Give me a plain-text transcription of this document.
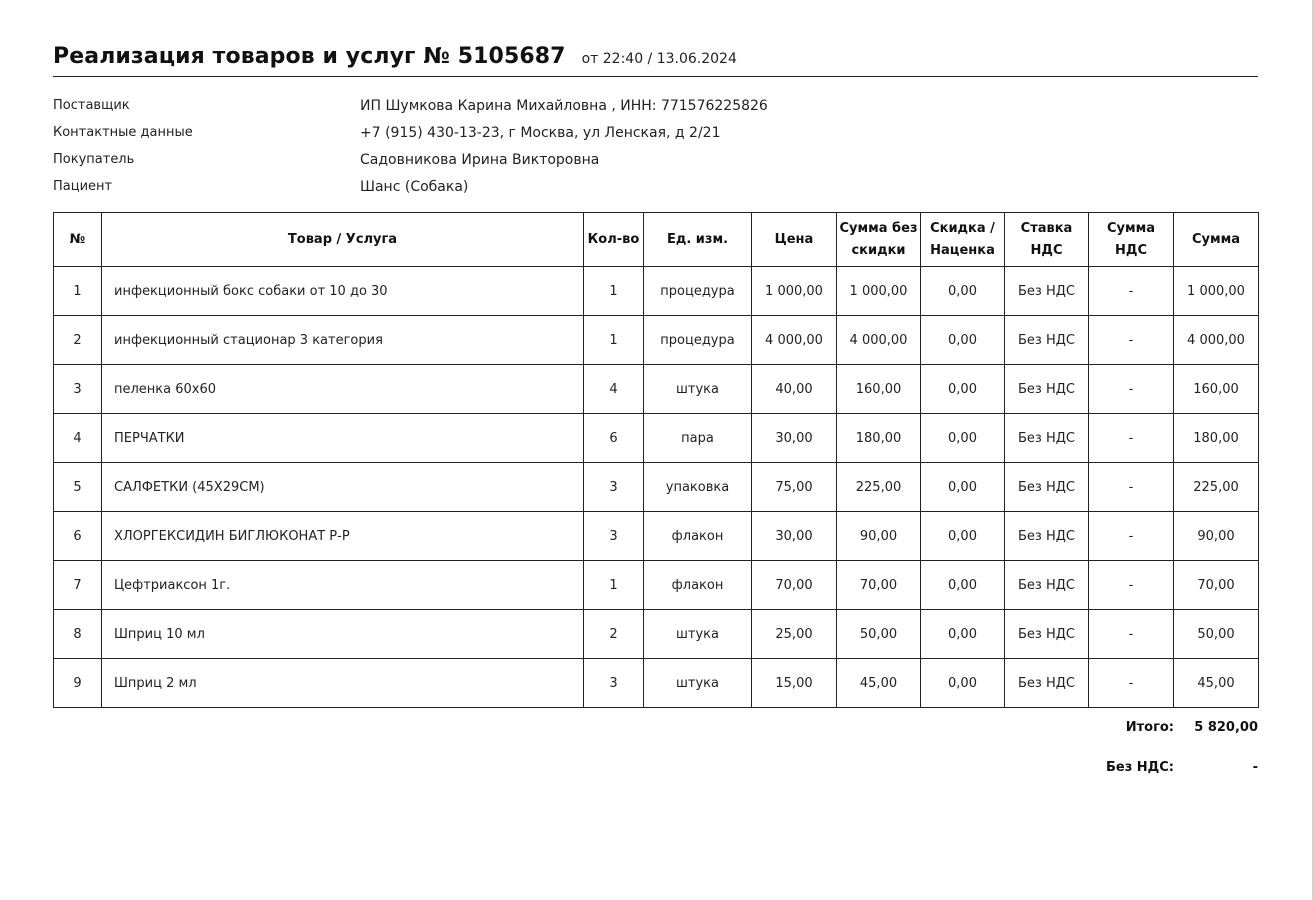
Реализация товаров и услуг № 5105687 от 22:40 / 13.06.2024
Поставщик	ИП Шумкова Карина Михайловна , ИНН: 771576225826
Контактные данные	+7 (915) 430-13-23, г Москва, ул Ленская, д 2/21
Покупатель	Садовникова Ирина Викторовна
Пациент	Шанс (Собака)
№	Товар / Услуга	Кол-во	Ед. изм.	Цена	Сумма без скидки	Скидка / Наценка	Ставка НДС	Сумма НДС	Сумма
1	инфекционный бокс собаки от 10 до 30	1	процедура	1 000,00	1 000,00	0,00	Без НДС	-	1 000,00
2	инфекционный стационар 3 категория	1	процедура	4 000,00	4 000,00	0,00	Без НДС	-	4 000,00
3	пеленка 60х60	4	штука	40,00	160,00	0,00	Без НДС	-	160,00
4	ПЕРЧАТКИ	6	пара	30,00	180,00	0,00	Без НДС	-	180,00
5	САЛФЕТКИ (45Х29СМ)	3	упаковка	75,00	225,00	0,00	Без НДС	-	225,00
6	ХЛОРГЕКСИДИН БИГЛЮКОНАТ Р-Р	3	флакон	30,00	90,00	0,00	Без НДС	-	90,00
7	Цефтриаксон 1г.	1	флакон	70,00	70,00	0,00	Без НДС	-	70,00
8	Шприц 10 мл	2	штука	25,00	50,00	0,00	Без НДС	-	50,00
9	Шприц 2 мл	3	штука	15,00	45,00	0,00	Без НДС	-	45,00
Итого:	5 820,00
Без НДС:	-
